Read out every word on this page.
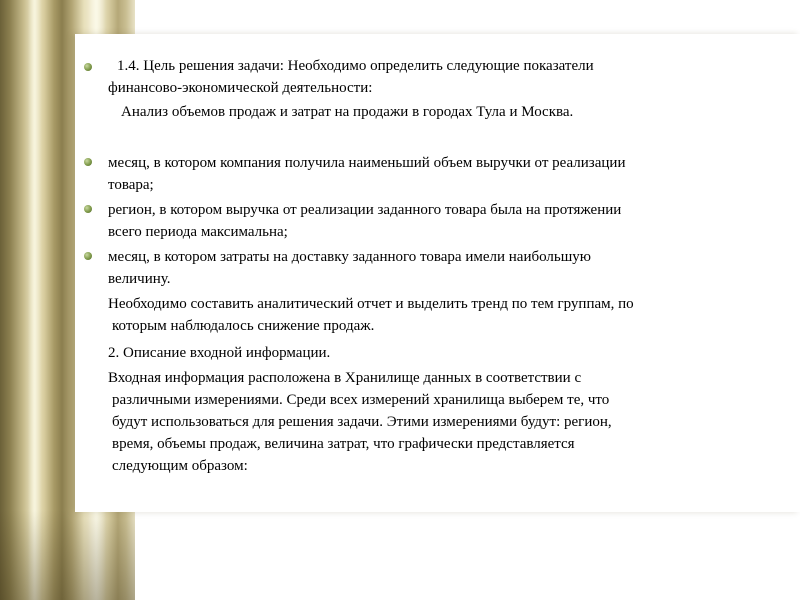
1.4. Цель решения задачи: Необходимо определить следующие показатели
финансово-экономической деятельности:

Анализ объемов продаж и затрат на продажи в городах Тула и Москва.

месяц, в котором компания получила наименьший объем выручки от реализации
товара;

регион, в котором выручка от реализации заданного товара была на протяжении
всего периода максимальна;

месяц, в котором затраты на доставку заданного товара имели наибольшую
величину.

Необходимо составить аналитический отчет и выделить тренд по тем группам, по
которым наблюдалось снижение продаж.

2. Описание входной информации.

Входная информация расположена в Хранилище данных в соответствии с
различными измерениями. Среди всех измерений хранилища выберем те, что
будут использоваться для решения задачи. Этими измерениями будут: регион,
время, объемы продаж, величина затрат, что графически представляется
следующим образом:
